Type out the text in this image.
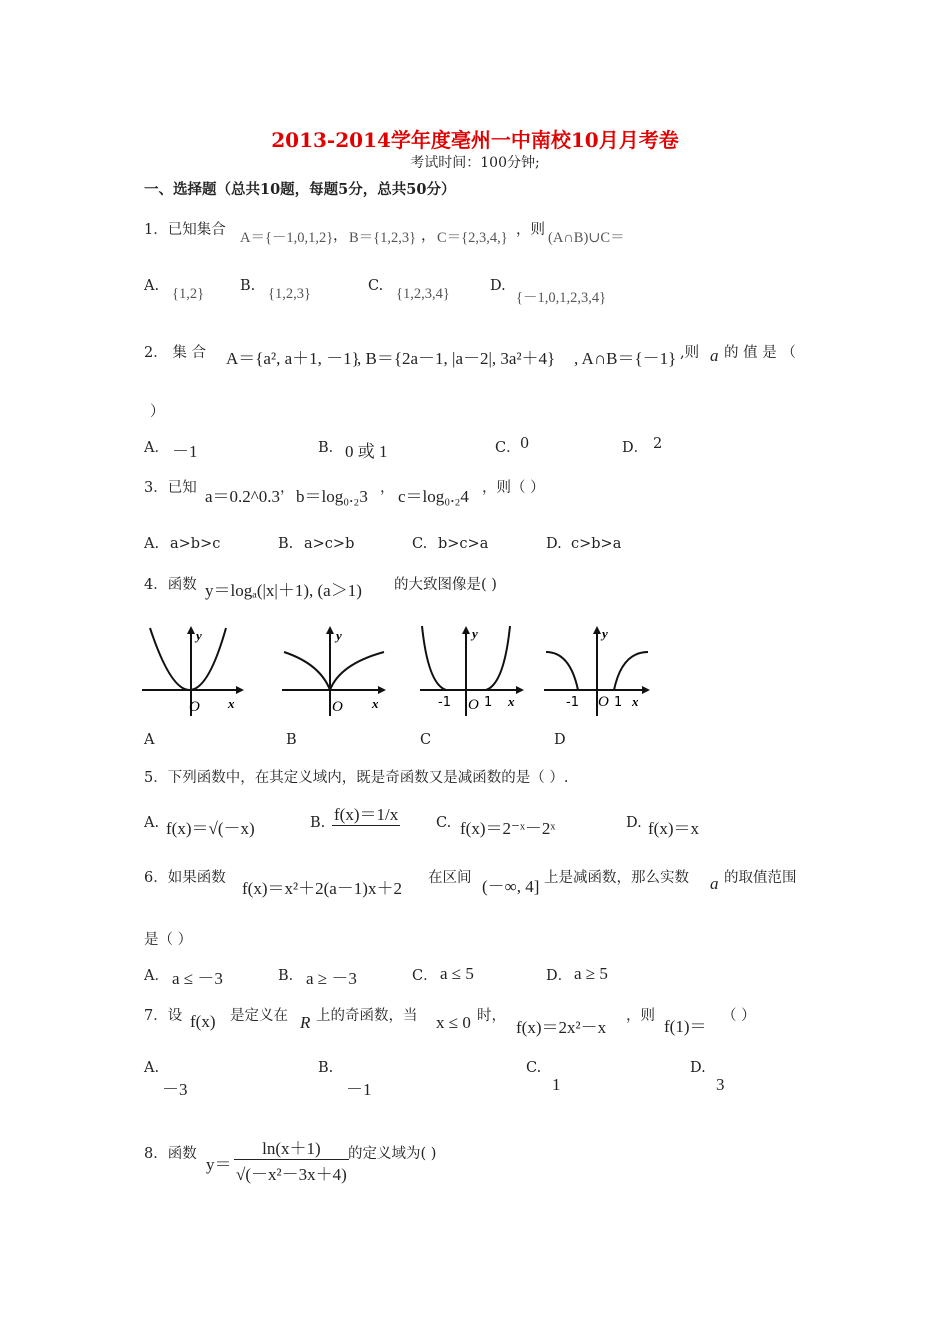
2013-2014学年度亳州一中南校10月月考卷
考试时间：100分钟;
一、选择题（总共10题，每题5分，总共50分）
1．已知集合 A＝{－1,0,1,2} ， B＝{1,2,3} ， C＝{2,3,4,} ，则 (A∩B)∪C＝
A. {1,2} B. {1,2,3}	C. {1,2,3,4}	D.
{－1,0,1,2,3,4}
2． 集 合 A＝{a², a＋1, －1}
, B＝{2a－1, |a－2|, 3a²＋4} , A∩B＝{－1} ,则 a 的 值 是 （
）
A． －1	B． 0 或 1	C． 0	D． 2
3．已知 a＝0.2^0.3 ， b＝log₀.₂3 ， c＝log₀.₂4 ，则（ ）
A. a>b>c	B. a>c>b	C. b>c>a	D. c>b>a
4．函数 y＝logₐ(|x|＋1), (a＞1) 的大致图像是( )
y
x
O
y
x
O
y
x
-1 O 1
y
x
-1 O 1
A	B	C	D
5．下列函数中，在其定义域内，既是奇函数又是减函数的是（ ）.
A. f(x)＝√(－x)	B. f(x)＝1/x	C. f(x)＝2⁻ˣ－2ˣ	D. f(x)＝x
6．如果函数
f(x)＝x²＋2(a－1)x＋2
在区间 (－∞, 4] 上是减函数，那么实数 a 的取值范围
是（ ）
A． a ≤ －3	B． a ≥ －3	C． a ≤ 5	D． a ≥ 5
7．设 f(x) 是定义在 R 上的奇函数，当 x ≤ 0 时，
f(x)＝2x²－x
，则
f(1)＝
（ ）
A.
－3
B.
－1
C.
1
D.
3
8．函数
$y= \frac{\ln(x+1)}{\text{√(－x²－3x＋4)}}$ 的定义域为( )
